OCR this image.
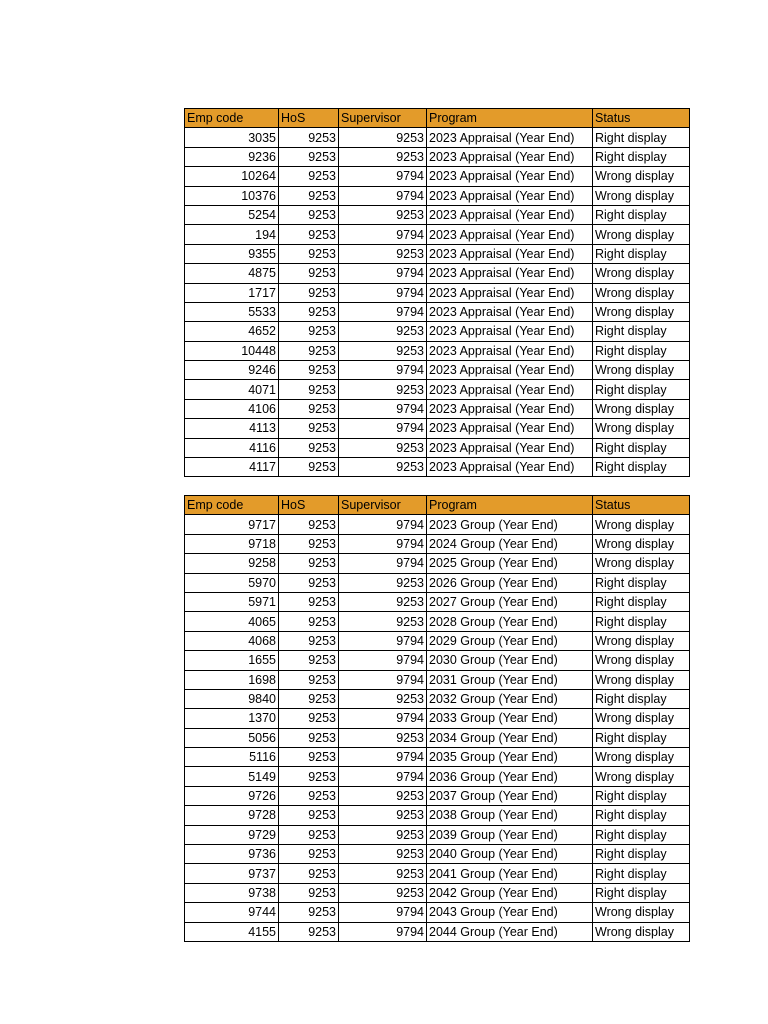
Emp code	HoS	Supervisor	Program	Status
3035	9253	9253	2023 Appraisal (Year End)	Right display
9236	9253	9253	2023 Appraisal (Year End)	Right display
10264	9253	9794	2023 Appraisal (Year End)	Wrong display
10376	9253	9794	2023 Appraisal (Year End)	Wrong display
5254	9253	9253	2023 Appraisal (Year End)	Right display
194	9253	9794	2023 Appraisal (Year End)	Wrong display
9355	9253	9253	2023 Appraisal (Year End)	Right display
4875	9253	9794	2023 Appraisal (Year End)	Wrong display
1717	9253	9794	2023 Appraisal (Year End)	Wrong display
5533	9253	9794	2023 Appraisal (Year End)	Wrong display
4652	9253	9253	2023 Appraisal (Year End)	Right display
10448	9253	9253	2023 Appraisal (Year End)	Right display
9246	9253	9794	2023 Appraisal (Year End)	Wrong display
4071	9253	9253	2023 Appraisal (Year End)	Right display
4106	9253	9794	2023 Appraisal (Year End)	Wrong display
4113	9253	9794	2023 Appraisal (Year End)	Wrong display
4116	9253	9253	2023 Appraisal (Year End)	Right display
4117	9253	9253	2023 Appraisal (Year End)	Right display
Emp code	HoS	Supervisor	Program	Status
9717	9253	9794	2023 Group (Year End)	Wrong display
9718	9253	9794	2024 Group (Year End)	Wrong display
9258	9253	9794	2025 Group (Year End)	Wrong display
5970	9253	9253	2026 Group (Year End)	Right display
5971	9253	9253	2027 Group (Year End)	Right display
4065	9253	9253	2028 Group (Year End)	Right display
4068	9253	9794	2029 Group (Year End)	Wrong display
1655	9253	9794	2030 Group (Year End)	Wrong display
1698	9253	9794	2031 Group (Year End)	Wrong display
9840	9253	9253	2032 Group (Year End)	Right display
1370	9253	9794	2033 Group (Year End)	Wrong display
5056	9253	9253	2034 Group (Year End)	Right display
5116	9253	9794	2035 Group (Year End)	Wrong display
5149	9253	9794	2036 Group (Year End)	Wrong display
9726	9253	9253	2037 Group (Year End)	Right display
9728	9253	9253	2038 Group (Year End)	Right display
9729	9253	9253	2039 Group (Year End)	Right display
9736	9253	9253	2040 Group (Year End)	Right display
9737	9253	9253	2041 Group (Year End)	Right display
9738	9253	9253	2042 Group (Year End)	Right display
9744	9253	9794	2043 Group (Year End)	Wrong display
4155	9253	9794	2044 Group (Year End)	Wrong display
